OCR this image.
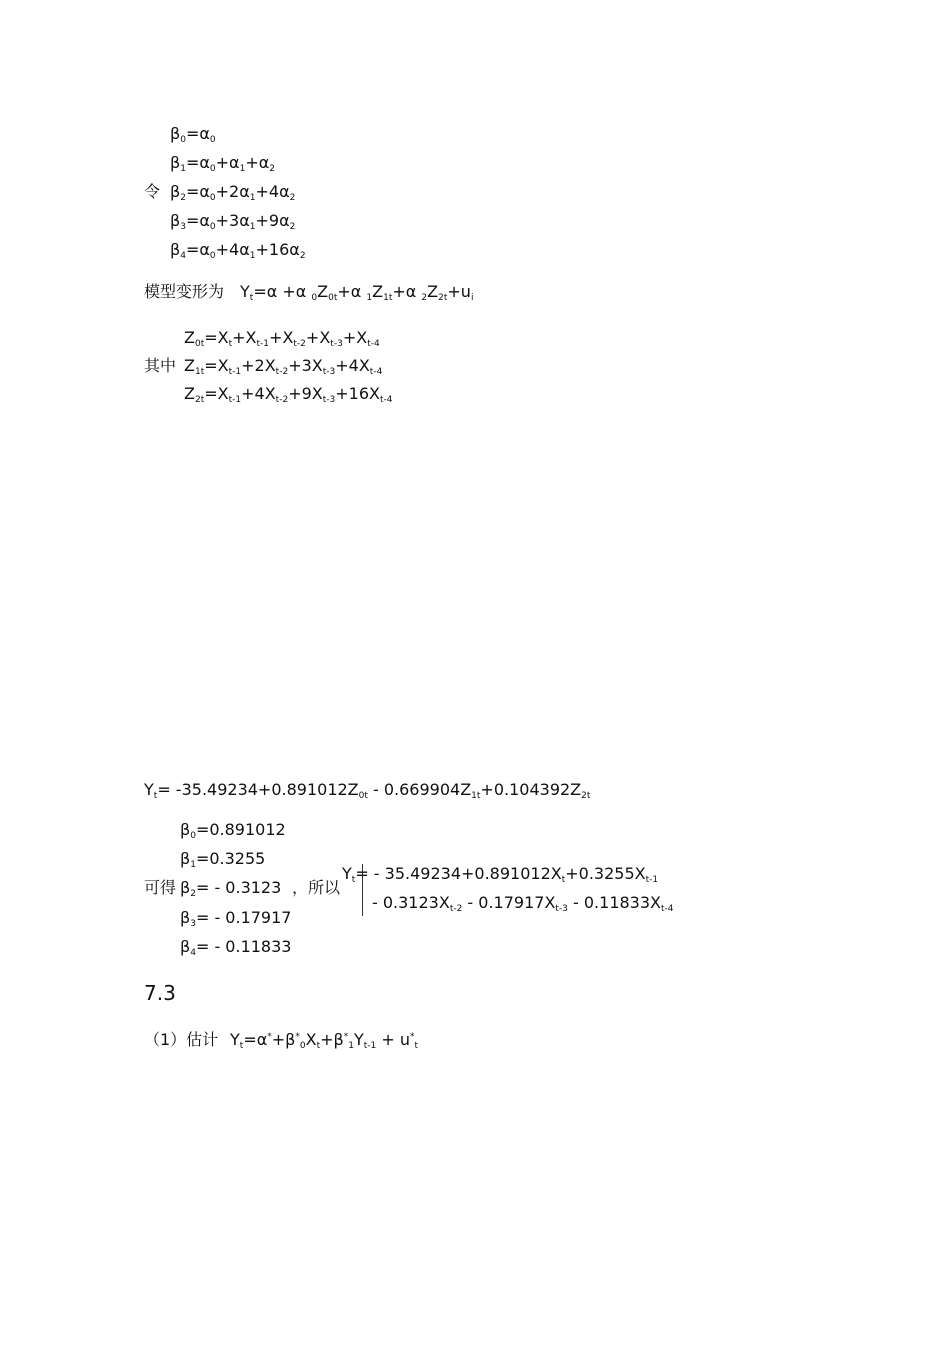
令
$\beta_0=\alpha_0$
$\beta_1=\alpha_0+\alpha_1+\alpha_2$
$\beta_2=\alpha_0+2\alpha_1+4\alpha_2$
$\beta_3=\alpha_0+3\alpha_1+9\alpha_2$
$\beta_4=\alpha_0+4\alpha_1+16\alpha_2$
模型变形为 $Y_t=\alpha +\alpha$ $_0Z_{0t}+\alpha$ $_1Z_{1t}+\alpha$ $_2Z_{2t}+u_i$
其中
$Z_{0t}=X_t+X_{t-1}+X_{t-2}+X_{t-3}+X_{t-4}$
$Z_{1t}=X_{t-1}+2X_{t-2}+3X_{t-3}+4X_{t-4}$
$Z_{2t}=X_{t-1}+4X_{t-2}+9X_{t-3}+16X_{t-4}$
$Y_t= -35.49234+0.891012Z_{0t} - 0.669904Z_{1t}+0.104392Z_{2t}$
可得
$\beta_0=0.891012$
$\beta_1=0.3255$
$\beta_2= - 0.3123$
$\beta_3= - 0.17917$
$\beta_4= - 0.11833$
，所以
$Y_t= - 35.49234+0.891012X_t+0.3255X_{t-1}$
- $0.3123X_{t-2} - 0.17917X_{t-3} - 0.11833X_{t-4}$
7.3
（1）估计 $Y_t=\alpha^*+\beta^*_0X_t+\beta^*_1Y_{t-1} + u^*_t$
